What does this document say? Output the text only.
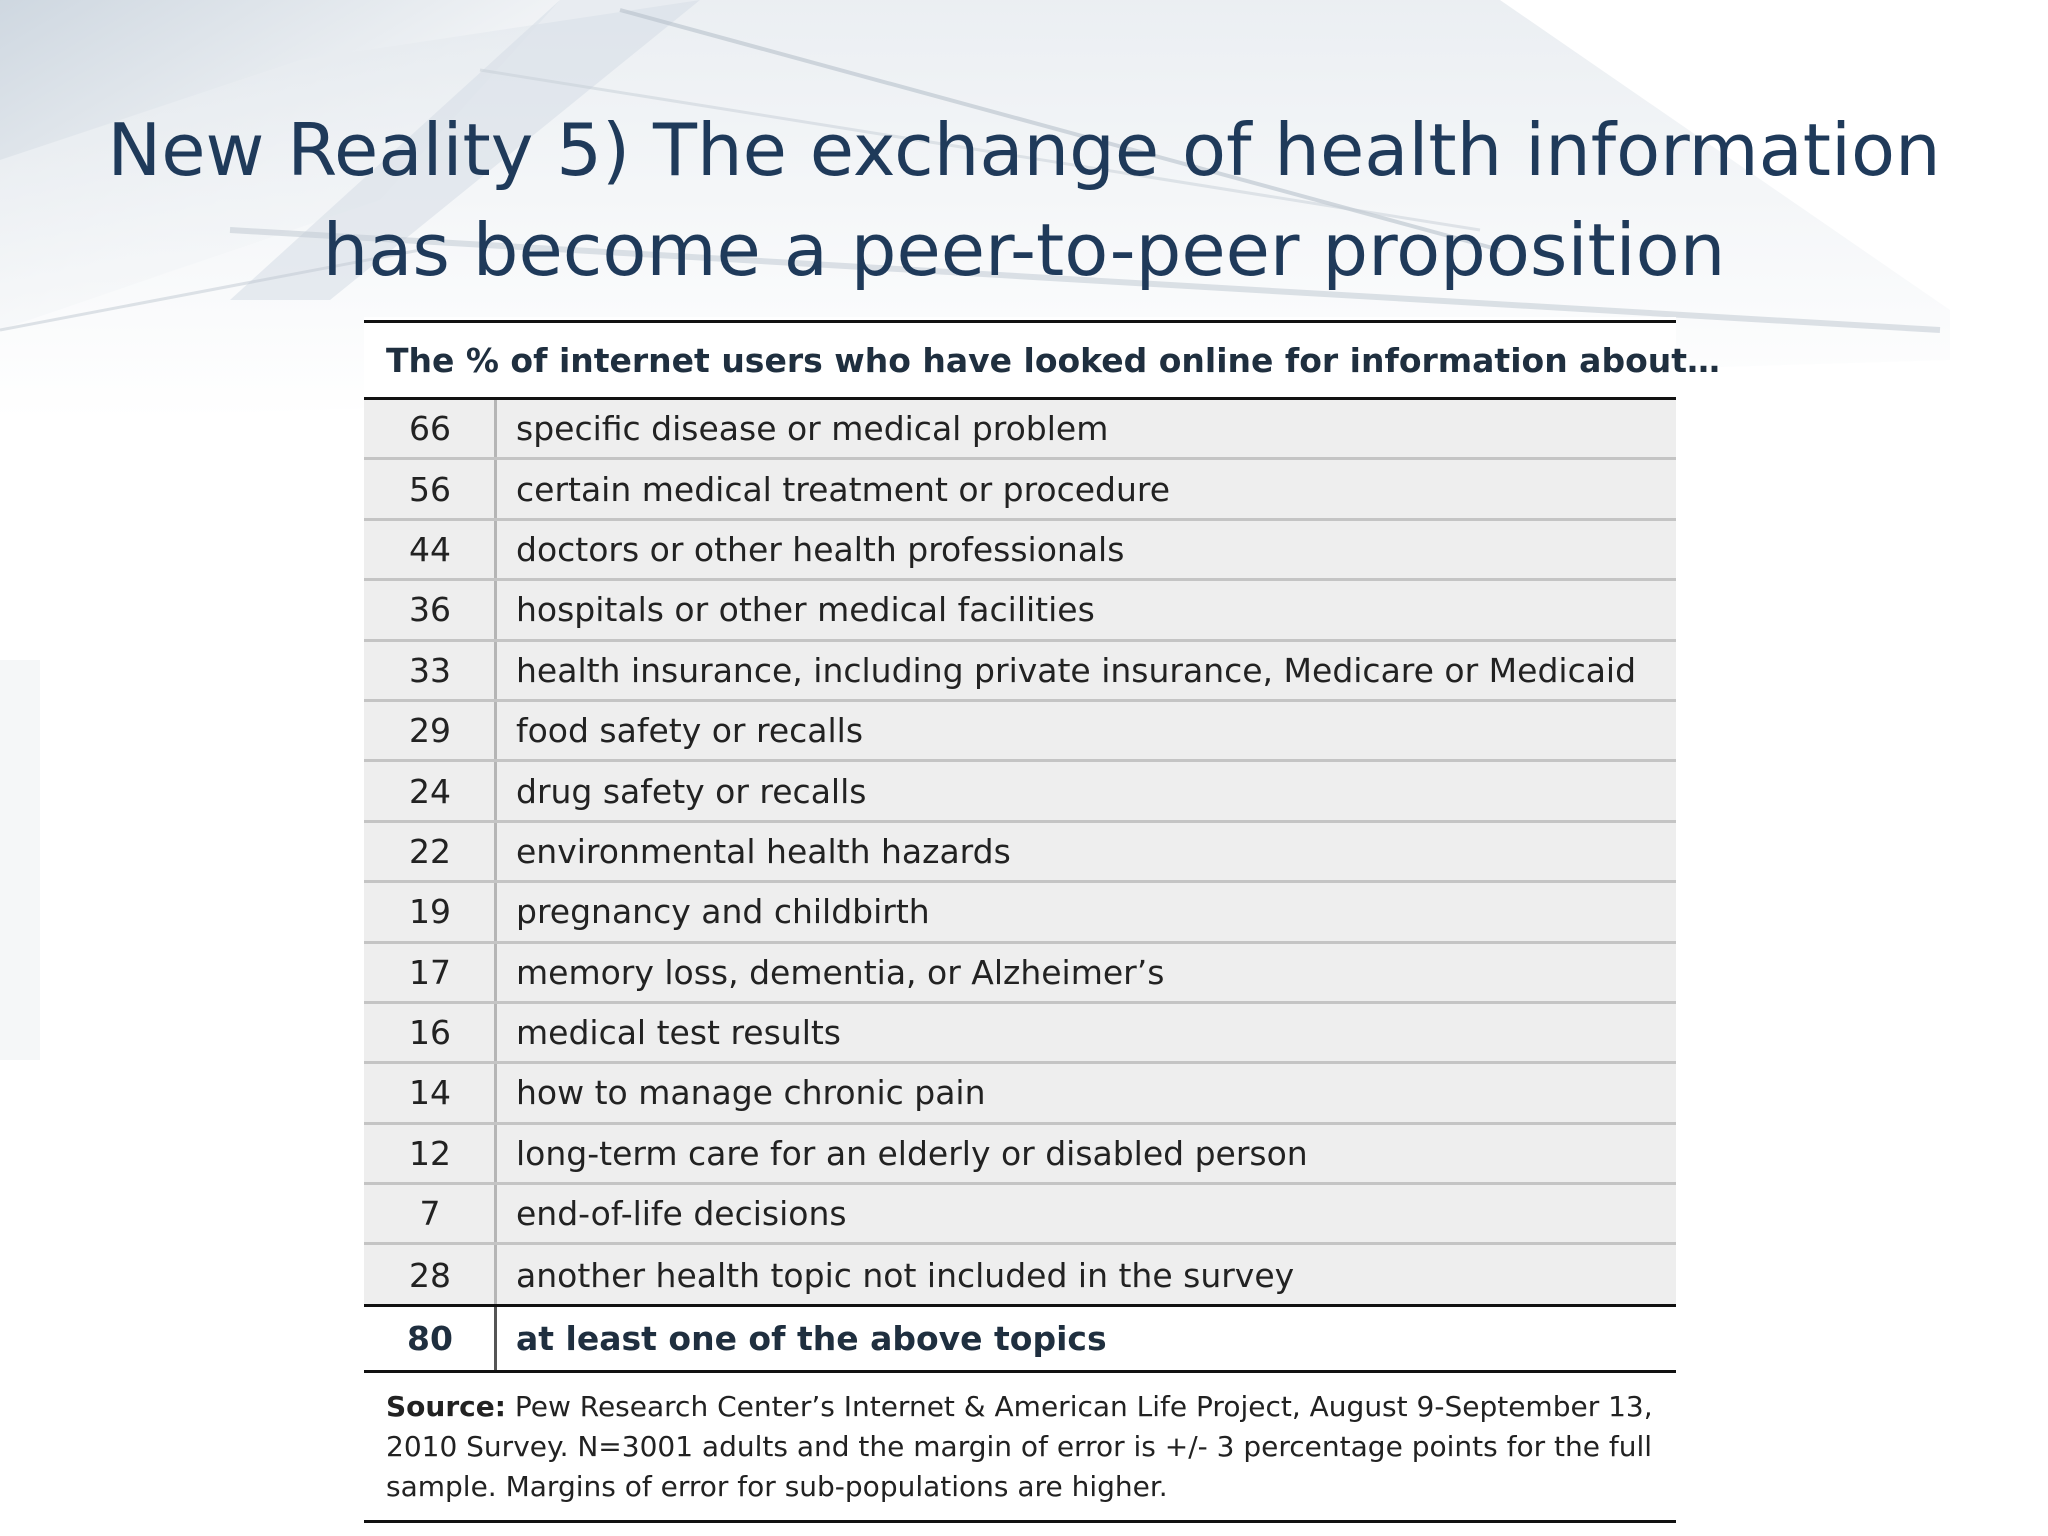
New Reality 5) The exchange of health information
has become a peer-to-peer proposition
The % of internet users who have looked online for information about…
66	specific disease or medical problem
56	certain medical treatment or procedure
44	doctors or other health professionals
36	hospitals or other medical facilities
33	health insurance, including private insurance, Medicare or Medicaid
29	food safety or recalls
24	drug safety or recalls
22	environmental health hazards
19	pregnancy and childbirth
17	memory loss, dementia, or Alzheimer’s
16	medical test results
14	how to manage chronic pain
12	long-term care for an elderly or disabled person
7	end-of-life decisions
28	another health topic not included in the survey
80	at least one of the above topics
Source: Pew Research Center’s Internet & American Life Project, August 9-September 13, 2010 Survey. N=3001 adults and the margin of error is +/- 3 percentage points for the full sample. Margins of error for sub-populations are higher.
